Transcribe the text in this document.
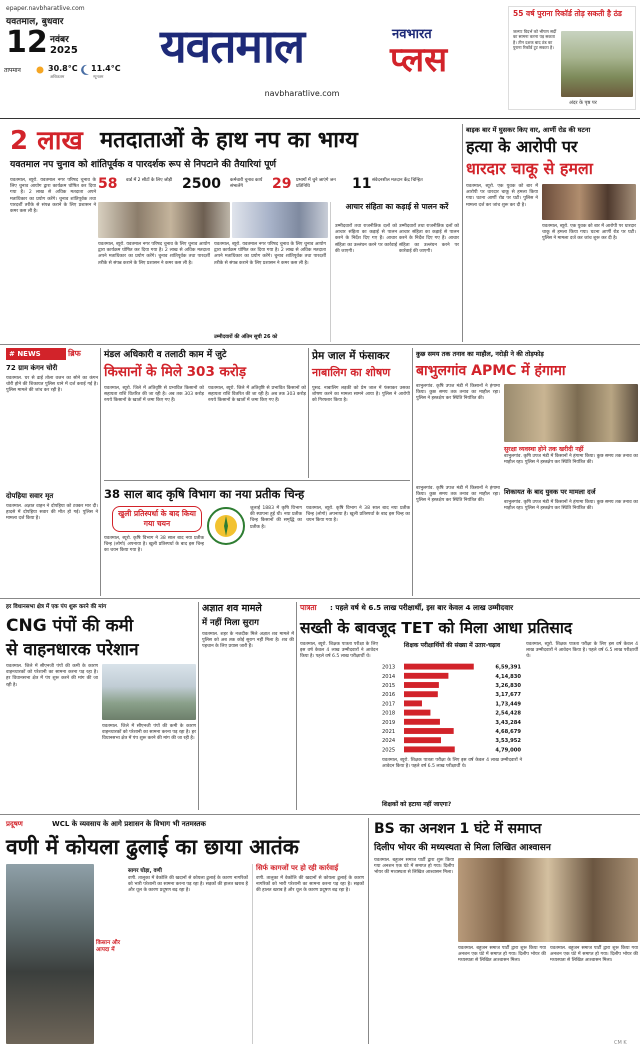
epaper.navbharatlive.com
यवतमाल, बुधवार
12 नवंबर
2025
तापमान	30.8°C
अधिकतम
11.4°C
न्यूनतम
यवतमाल	नवभारत
प्लस
navbharatlive.com
55 वर्ष पुराना रिकॉर्ड तोड़ सकती है ठंड
जल्गाः विदर्भ को भीषण सर्दी का सामना करना पड़ सकता है। तीन दशक बाद ठंड का पुराना रिकॉर्ड टूट सकता है।
अंदर के पृष्ठ पर
2 लाख मतदाताओं के हाथ नप का भाग्य
यवतमाल नप चुनाव को शांतिपूर्वक व पारदर्शक रूप से निपटाने की तैयारियां पूर्ण
58	वार्ड में 2 सीटों के लिए जोड़ी 2500	कर्मचारी चुनाव कार्य संभालेंगे	29	प्रभागों में चुने जाएंगे जन प्रतिनिधि	11 संवेदनशील मतदान केंद्र चिन्हित
यवतमाल, ब्यूरो. यवतमाल नगर परिषद चुनाव के लिए चुनाव आयोग द्वारा कार्यक्रम घोषित कर दिया गया है। 2 लाख से अधिक मतदाता अपने मताधिकार का प्रयोग करेंगे। चुनाव शांतिपूर्वक तथा पारदर्शी तरीके से संपन्न कराने के लिए प्रशासन ने कमर कस ली है।
यवतमाल, ब्यूरो. यवतमाल नगर परिषद चुनाव के लिए चुनाव आयोग द्वारा कार्यक्रम घोषित कर दिया गया है। 2 लाख से अधिक मतदाता अपने मताधिकार का प्रयोग करेंगे। चुनाव शांतिपूर्वक तथा पारदर्शी तरीके से संपन्न कराने के लिए प्रशासन ने कमर कस ली है।
यवतमाल, ब्यूरो. यवतमाल नगर परिषद चुनाव के लिए चुनाव आयोग द्वारा कार्यक्रम घोषित कर दिया गया है। 2 लाख से अधिक मतदाता अपने मताधिकार का प्रयोग करेंगे। चुनाव शांतिपूर्वक तथा पारदर्शी तरीके से संपन्न कराने के लिए प्रशासन ने कमर कस ली है।
उम्मीदवारों की अंतिम सूची 26 को
आचार संहिता का कड़ाई से पालन करें
उम्मीदवारों तथा राजनीतिक दलों को आचार संहिता का कड़ाई से पालन करने के निर्देश दिए गए हैं। आचार संहिता का उल्लंघन करने पर कार्रवाई की जाएगी।
उम्मीदवारों तथा राजनीतिक दलों को आचार संहिता का कड़ाई से पालन करने के निर्देश दिए गए हैं। आचार संहिता का उल्लंघन करने पर कार्रवाई की जाएगी।
बाइक बार में घुसकर किए वार, आर्णी रोड की घटना
हत्या के आरोपी पर
धारदार चाकू से हमला
यवतमाल, ब्यूरो. एक युवक को बार में आरोपी पर धारदार चाकू से हमला किया गया। घटना आर्णी रोड पर घटी। पुलिस ने मामला दर्ज कर जांच शुरू कर दी है।
यवतमाल, ब्यूरो. एक युवक को बार में आरोपी पर धारदार चाकू से हमला किया गया। घटना आर्णी रोड पर घटी। पुलिस ने मामला दर्ज कर जांच शुरू कर दी है।
# NEWS	ब्रिफ
72 ग्राम कंगन चोरी
यवतमाल. घर से ढाई तोला वजन का सोने का कंगन चोरी होने की शिकायत पुलिस थाने में दर्ज कराई गई है। पुलिस मामले की जांच कर रही है।
दोपहिया सवार मृत
यवतमाल. अज्ञात वाहन ने दोपहिया को टक्कर मार दी। हादसे में दोपहिया सवार की मौत हो गई। पुलिस ने मामला दर्ज किया है।
मंडल अधिकारी व तलाठी काम में जुटे
किसानों के मिले 303 करोड़
यवतमाल, ब्यूरो. जिले में अतिवृष्टि से प्रभावित किसानों को सहायता राशि वितरित की जा रही है। अब तक 303 करोड़ रुपये किसानों के खातों में जमा किए गए हैं।
यवतमाल, ब्यूरो. जिले में अतिवृष्टि से प्रभावित किसानों को सहायता राशि वितरित की जा रही है। अब तक 303 करोड़ रुपये किसानों के खातों में जमा किए गए हैं।
प्रेम जाल में फंसाकर
नाबालिग का शोषण
पुसद. नाबालिग लड़की को प्रेम जाल में फंसाकर उसका शोषण करने का मामला सामने आया है। पुलिस ने आरोपी को गिरफ्तार किया है।
कुछ समय तक तनाव का माहौल, नरोड़ी ने की तोड़फोड़
बाभुलगांव APMC में हंगामा
बाभुलगांव. कृषि उपज मंडी में किसानों ने हंगामा किया। कुछ समय तक तनाव का माहौल रहा। पुलिस ने हस्तक्षेप कर स्थिति नियंत्रित की।
सुरक्षा व्यवस्था होने तक खरीदी नहीं
बाभुलगांव. कृषि उपज मंडी में किसानों ने हंगामा किया। कुछ समय तक तनाव का माहौल रहा। पुलिस ने हस्तक्षेप कर स्थिति नियंत्रित की।
शिकायत के बाद युवक पर मामला दर्ज
बाभुलगांव. कृषि उपज मंडी में किसानों ने हंगामा किया। कुछ समय तक तनाव का माहौल रहा। पुलिस ने हस्तक्षेप कर स्थिति नियंत्रित की।	बाभुलगांव. कृषि उपज मंडी में किसानों ने हंगामा किया। कुछ समय तक तनाव का माहौल रहा। पुलिस ने हस्तक्षेप कर स्थिति नियंत्रित की।
38 साल बाद कृषि विभाग का नया प्रतीक चिन्ह
खुली प्रतिस्पर्धा के बाद किया गया चयन
जुलाई 1883 में कृषि विभाग की स्थापना हुई थी। नया प्रतीक चिन्ह किसानों की समृद्धि का प्रतीक है।
यवतमाल, ब्यूरो. कृषि विभाग ने 38 साल बाद नया प्रतीक चिन्ह (लोगो) अपनाया है। खुली प्रतिस्पर्धा के बाद इस चिन्ह का चयन किया गया है।
यवतमाल, ब्यूरो. कृषि विभाग ने 38 साल बाद नया प्रतीक चिन्ह (लोगो) अपनाया है। खुली प्रतिस्पर्धा के बाद इस चिन्ह का चयन किया गया है।
हर विधानसभा क्षेत्र में एक पंप शुरू करने की मांग
CNG पंपों की कमी
से वाहनधारक परेशान
यवतमाल. जिले में सीएनजी पंपों की कमी के कारण वाहनधारकों को परेशानी का सामना करना पड़ रहा है। हर विधानसभा क्षेत्र में पंप शुरू करने की मांग की जा रही है।
यवतमाल. जिले में सीएनजी पंपों की कमी के कारण वाहनधारकों को परेशानी का सामना करना पड़ रहा है। हर विधानसभा क्षेत्र में पंप शुरू करने की मांग की जा रही है।
अज्ञात शव मामले
में नहीं मिला सुराग
यवतमाल. शहर के नजदीक मिले अज्ञात शव मामले में पुलिस को अब तक कोई सुराग नहीं मिला है। शव की पहचान के लिए प्रयास जारी हैं।
पात्रता	: पहले वर्ष थे 6.5 लाख परीक्षार्थी, इस बार केवल 4 लाख उम्मीदवार
सख्ती के बावजूद TET को मिला आधा प्रतिसाद
यवतमाल, ब्यूरो. शिक्षक पात्रता परीक्षा के लिए इस वर्ष केवल 4 लाख उम्मीदवारों ने आवेदन किया है। पहले वर्ष 6.5 लाख परीक्षार्थी थे।
शिक्षक परीक्षार्थियों की संख्या में उतार-चढ़ाव
2013	6,59,391
2014	4,14,830
2015	3,26,830
2016	3,17,677
2017	1,73,449
2018	2,54,428
2019	3,43,284
2021	4,68,679
2024	3,53,952
2025	4,79,000
यवतमाल, ब्यूरो. शिक्षक पात्रता परीक्षा के लिए इस वर्ष केवल 4 लाख उम्मीदवारों ने आवेदन किया है। पहले वर्ष 6.5 लाख परीक्षार्थी थे।
शिक्षकों को हटाया नहीं जाएगा?
यवतमाल, ब्यूरो. शिक्षक पात्रता परीक्षा के लिए इस वर्ष केवल 4 लाख उम्मीदवारों ने आवेदन किया है। पहले वर्ष 6.5 लाख परीक्षार्थी थे।
प्रदूषण	WCL के व्यवसाय के आगे प्रशासन के विभाग भी नतमस्तक
वणी में कोयला ढुलाई का छाया आतंक
किसान और आपदा में
सागर घोड़ा, वणी
वणी. तालुका में वेकोलि की खदानों से कोयला ढुलाई के कारण नागरिकों को भारी परेशानी का सामना करना पड़ रहा है। सड़कों की हालत खराब है और धूल के कारण प्रदूषण बढ़ रहा है।
सिर्फ कागजों पर हो रही कार्रवाई
वणी. तालुका में वेकोलि की खदानों से कोयला ढुलाई के कारण नागरिकों को भारी परेशानी का सामना करना पड़ रहा है। सड़कों की हालत खराब है और धूल के कारण प्रदूषण बढ़ रहा है।
BS का अनशन 1 घंटे में समाप्त
दिलीप भोयर की मध्यस्थता से मिला लिखित आश्वासन
यवतमाल. बहुजन समाज पार्टी द्वारा शुरू किया गया अनशन एक घंटे में समाप्त हो गया। दिलीप भोयर की मध्यस्थता से लिखित आश्वासन मिला।
यवतमाल. बहुजन समाज पार्टी द्वारा शुरू किया गया अनशन एक घंटे में समाप्त हो गया। दिलीप भोयर की मध्यस्थता से लिखित आश्वासन मिला।
यवतमाल. बहुजन समाज पार्टी द्वारा शुरू किया गया अनशन एक घंटे में समाप्त हो गया। दिलीप भोयर की मध्यस्थता से लिखित आश्वासन मिला।
CM K
